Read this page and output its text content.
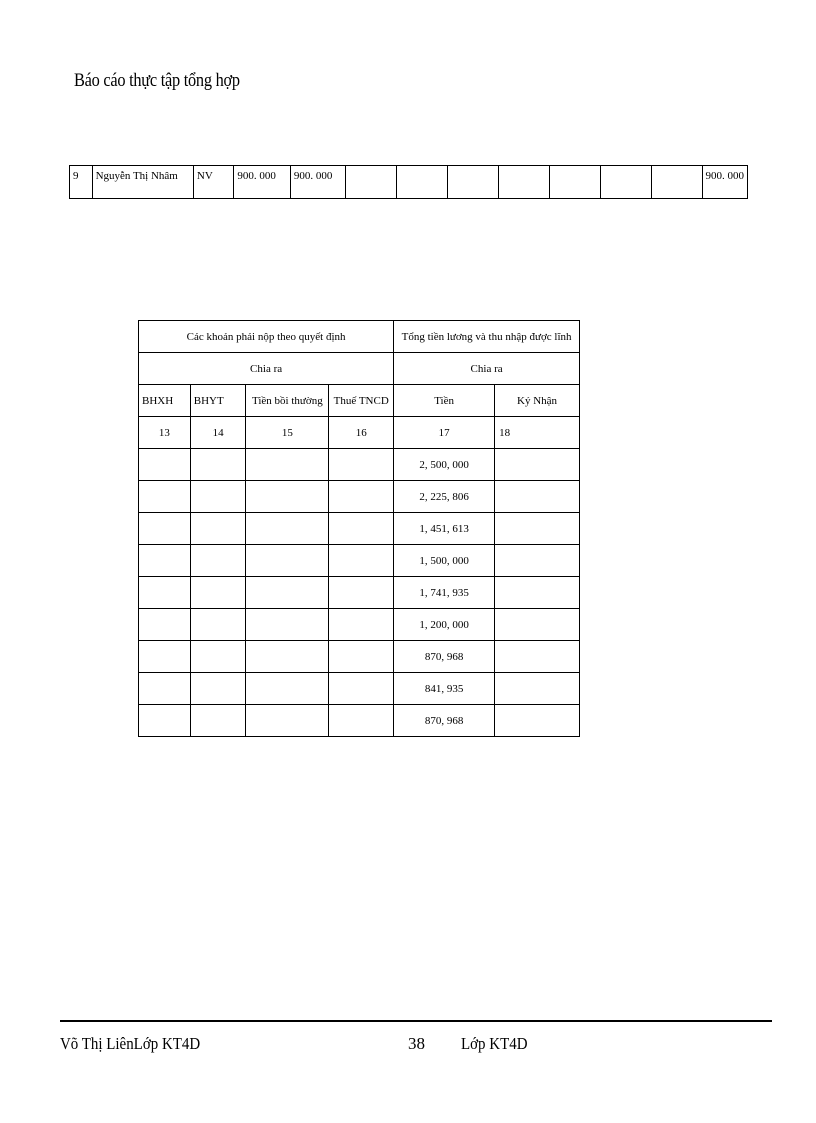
Báo cáo thực tập tổng hợp
9	Nguyễn Thị Nhâm	NV	900. 000	900. 000								900. 000
Các khoản phải nộp theo quyết định				Tổng tiền lương và thu nhập được lĩnh	
Chia ra				Chia ra	
BHXH	BHYT	Tiền bồi thường	Thuế TNCD	Tiền	Ký Nhận
13	14	15	16	17	18
				2, 500, 000	
				2, 225, 806	
				1, 451, 613	
				1, 500, 000	
				1, 741, 935	
				1, 200, 000	
				870, 968	
				841, 935	
				870, 968	
Võ Thị LiênLớp KT4D	38 Lớp KT4D
